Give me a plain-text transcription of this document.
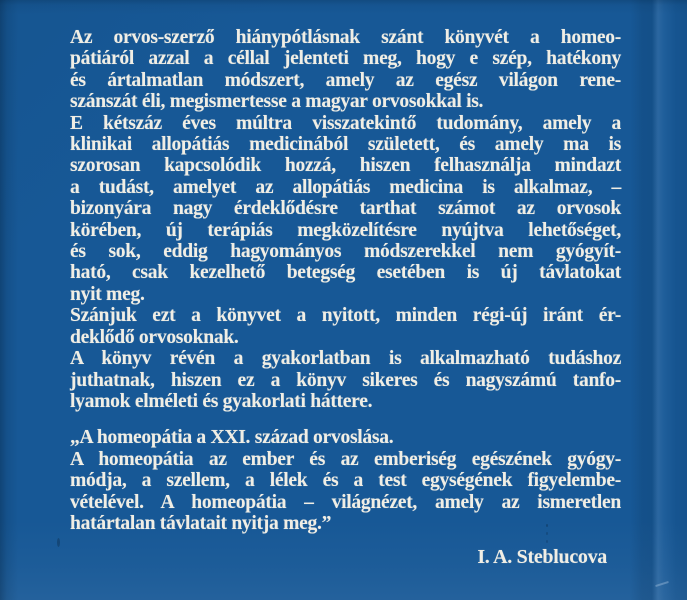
Az orvos-szerző hiánypótlásnak szánt könyvét a homeo-
pátiáról azzal a céllal jelenteti meg, hogy e szép, hatékony
és ártalmatlan módszert, amely az egész világon rene-
szánszát éli, megismertesse a magyar orvosokkal is.
E kétszáz éves múltra visszatekintő tudomány, amely a
klinikai allopátiás medicinából született, és amely ma is
szorosan kapcsolódik hozzá, hiszen felhasználja mindazt
a tudást, amelyet az allopátiás medicina is alkalmaz, –
bizonyára nagy érdeklődésre tarthat számot az orvosok
körében, új terápiás megközelítésre nyújtva lehetőséget,
és sok, eddig hagyományos módszerekkel nem gyógyít-
ható, csak kezelhető betegség esetében is új távlatokat
nyit meg.
Szánjuk ezt a könyvet a nyitott, minden régi-új iránt ér-
deklődő orvosoknak.
A könyv révén a gyakorlatban is alkalmazható tudáshoz
juthatnak, hiszen ez a könyv sikeres és nagyszámú tanfo-
lyamok elméleti és gyakorlati háttere.
„A homeopátia a XXI. század orvoslása.
A homeopátia az ember és az emberiség egészének gyógy-
módja, a szellem, a lélek és a test egységének figyelembe-
vételével. A homeopátia – világnézet, amely az ismeretlen
határtalan távlatait nyitja meg.”
I. A. Steblucova
